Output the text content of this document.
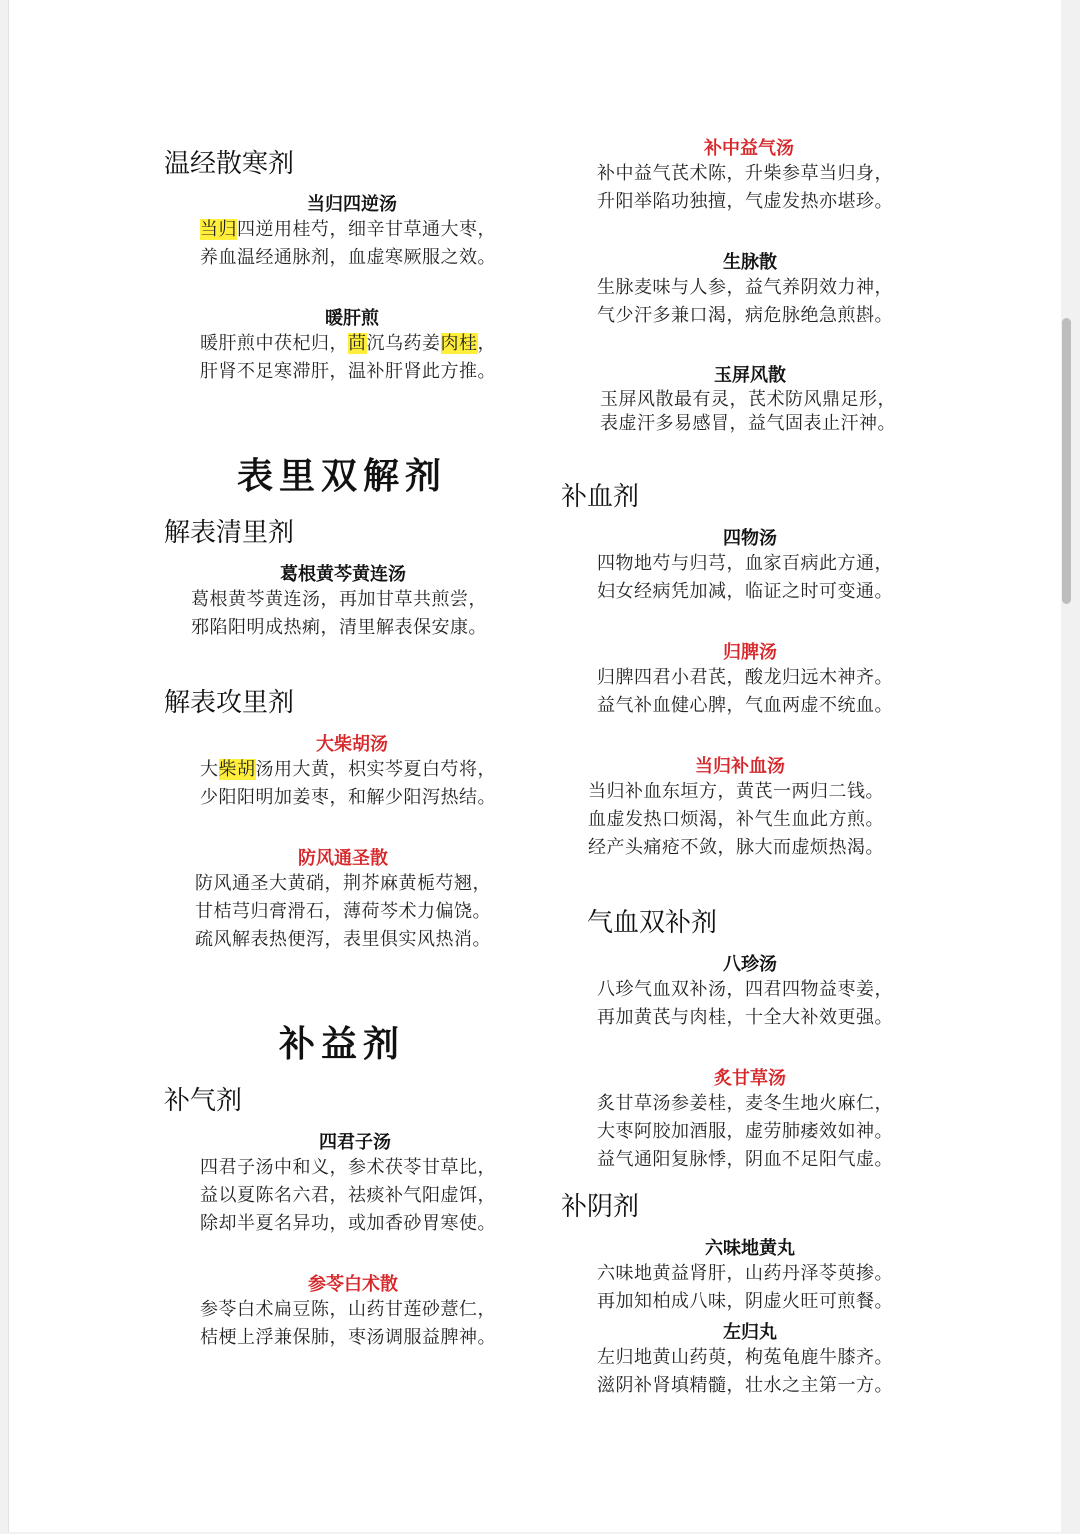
温经散寒剂
当归四逆汤
当归四逆用桂芍，细辛甘草通大枣，
养血温经通脉剂，血虚寒厥服之效。
暖肝煎
暖肝煎中茯杞归，茴沉乌药姜肉桂，
肝肾不足寒滞肝，温补肝肾此方推。
表里双解剂
解表清里剂
葛根黄芩黄连汤
葛根黄芩黄连汤，再加甘草共煎尝，
邪陷阳明成热痢，清里解表保安康。
解表攻里剂
大柴胡汤
大柴胡汤用大黄，枳实芩夏白芍将，
少阳阳明加姜枣，和解少阳泻热结。
防风通圣散
防风通圣大黄硝，荆芥麻黄栀芍翘，
甘桔芎归膏滑石，薄荷芩术力偏饶。
疏风解表热便泻，表里俱实风热消。
补益剂
补气剂
四君子汤
四君子汤中和义，参术茯苓甘草比，
益以夏陈名六君，祛痰补气阳虚饵，
除却半夏名异功，或加香砂胃寒使。
参苓白术散
参苓白术扁豆陈，山药甘莲砂薏仁，
桔梗上浮兼保肺，枣汤调服益脾神。
补中益气汤
补中益气芪术陈，升柴参草当归身，
升阳举陷功独擅，气虚发热亦堪珍。
生脉散
生脉麦味与人参，益气养阴效力神，
气少汗多兼口渴，病危脉绝急煎斟。
玉屏风散
玉屏风散最有灵，芪术防风鼎足形，
表虚汗多易感冒，益气固表止汗神。
补血剂
四物汤
四物地芍与归芎，血家百病此方通，
妇女经病凭加减，临证之时可变通。
归脾汤
归脾四君小君芪，酸龙归远木神齐。
益气补血健心脾，气血两虚不统血。
当归补血汤
当归补血东垣方，黄芪一两归二钱。
血虚发热口烦渴，补气生血此方煎。
经产头痛疮不敛，脉大而虚烦热渴。
气血双补剂
八珍汤
八珍气血双补汤，四君四物益枣姜，
再加黄芪与肉桂，十全大补效更强。
炙甘草汤
炙甘草汤参姜桂，麦冬生地火麻仁，
大枣阿胶加酒服，虚劳肺痿效如神。
益气通阳复脉悸，阴血不足阳气虚。
补阴剂
六味地黄丸
六味地黄益肾肝，山药丹泽苓萸掺。
再加知柏成八味，阴虚火旺可煎餐。
左归丸
左归地黄山药萸，枸菟龟鹿牛膝齐。
滋阴补肾填精髓，壮水之主第一方。
